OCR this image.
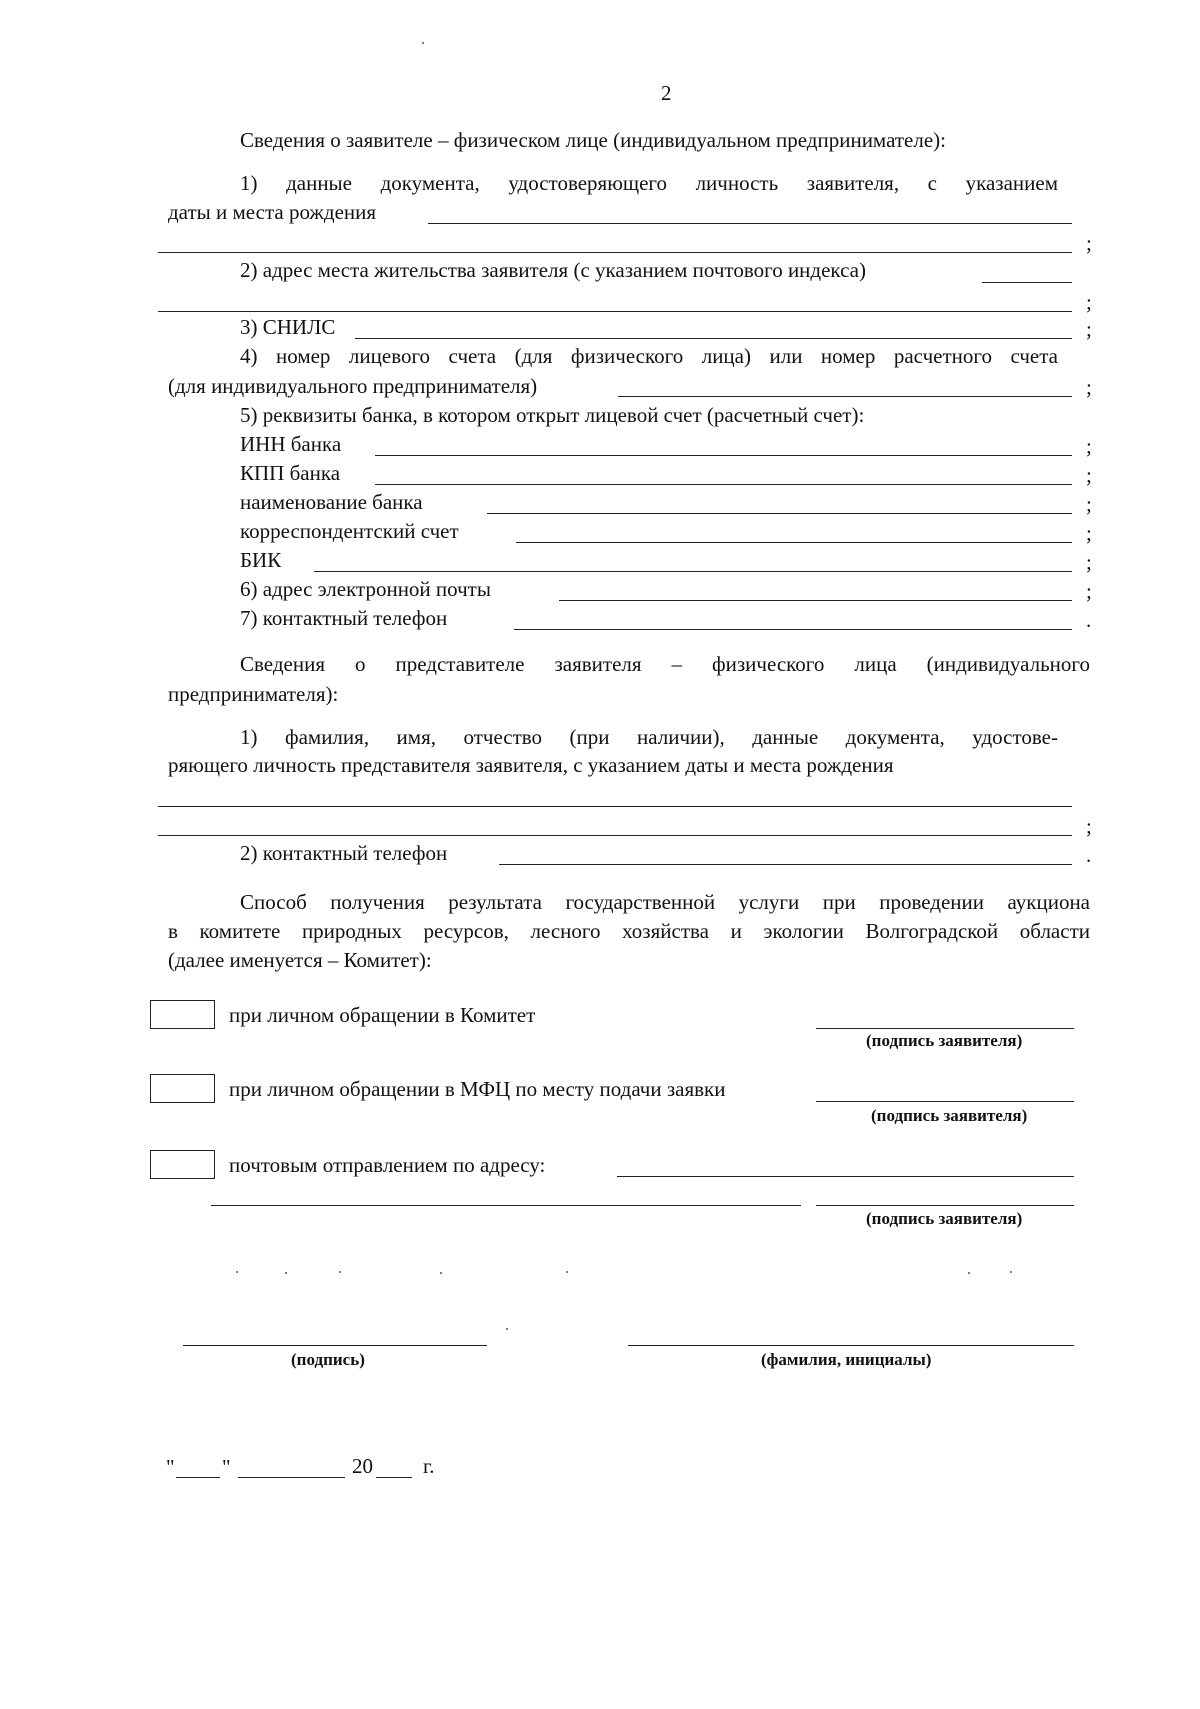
2
Сведения о заявителе – физическом лице (индивидуальном предпринимателе):
1) данные документа, удостоверяющего личность заявителя, с указанием
даты и места рождения
;
2) адрес места жительства заявителя (с указанием почтового индекса)
;
3) СНИЛС	;
4) номер лицевого счета (для физического лица) или номер расчетного счета
(для индивидуального предпринимателя)	;
5) реквизиты банка, в котором открыт лицевой счет (расчетный счет):
ИНН банка	;
КПП банка	;
наименование банка	;
корреспондентский счет	;
БИК	;
6) адрес электронной почты	;
7) контактный телефон	.
Сведения о представителе заявителя – физического лица (индивидуального
предпринимателя):
1) фамилия, имя, отчество (при наличии), данные документа, удостове-
ряющего личность представителя заявителя, с указанием даты и места рождения
;
2) контактный телефон	.
Способ получения результата государственной услуги при проведении аукциона
в комитете природных ресурсов, лесного хозяйства и экологии Волгоградской области
(далее именуется – Комитет):
при личном обращении в Комитет
(подпись заявителя)
при личном обращении в МФЦ по месту подачи заявки
(подпись заявителя)
почтовым отправлением по адресу:
(подпись заявителя)
(подпись)	(фамилия, инициалы)
" "	20 г.
